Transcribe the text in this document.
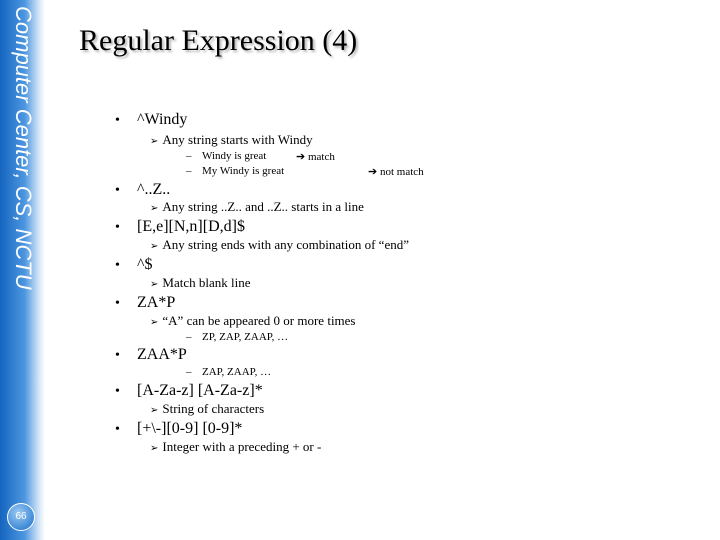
Computer Center, CS, NCTU
66
Regular Expression (4)
• ^Windy
➢ Any string starts with Windy
– Windy is great	➔ match
– My Windy is great	➔ not match
• ^..Z..
➢ Any string ..Z.. and ..Z.. starts in a line
• [E,e][N,n][D,d]$
➢ Any string ends with any combination of “end”
• ^$
➢ Match blank line
• ZA*P
➢ “A” can be appeared 0 or more times
– ZP, ZAP, ZAAP, …
• ZAA*P
– ZAP, ZAAP, …
• [A-Za-z] [A-Za-z]*
➢ String of characters
• [+\-][0-9] [0-9]*
➢ Integer with a preceding + or -
